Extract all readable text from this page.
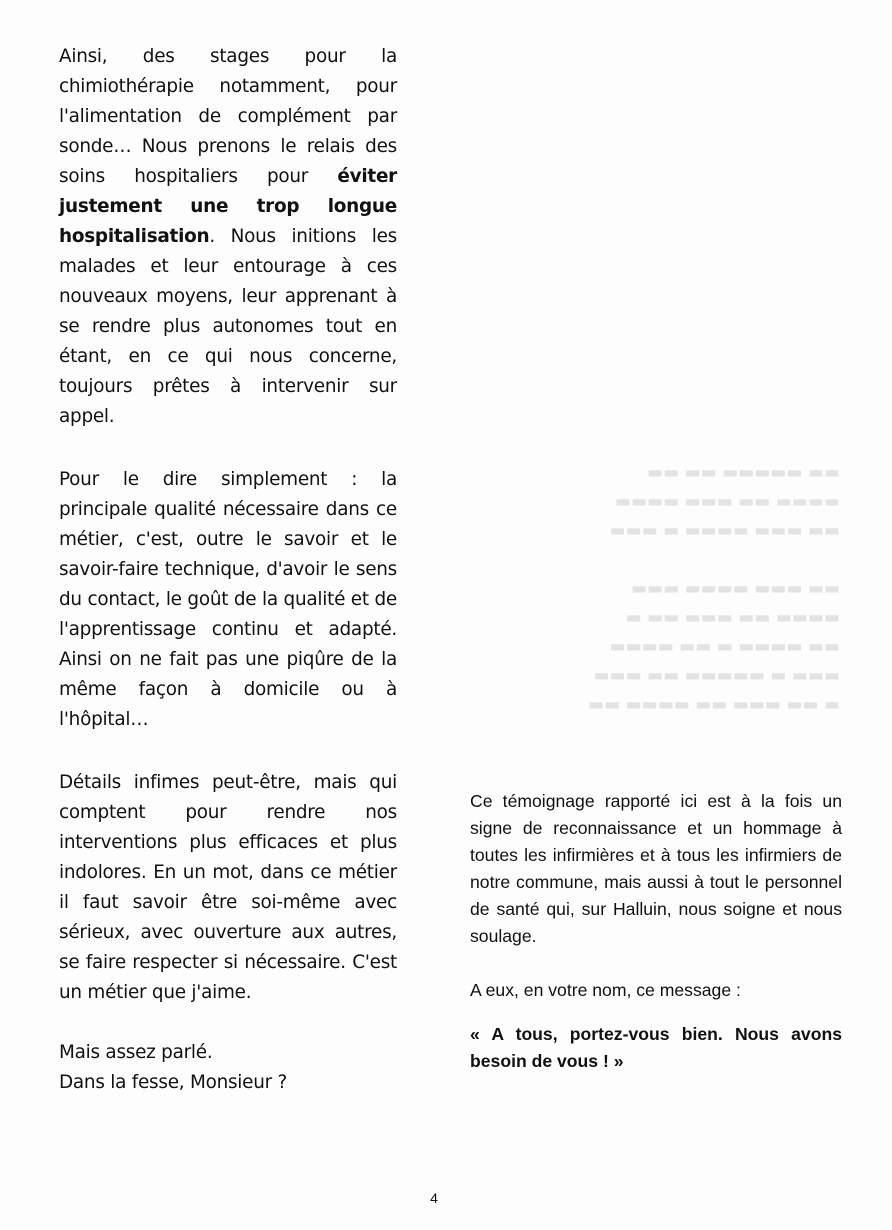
▬ ▬▬ ▬▬▬ ▬▬ ▬▬▬▬ ▬▬

▬▬▬ ▬ ▬▬▬▬▬ ▬▬ ▬▬▬

▬▬ ▬▬▬▬ ▬ ▬▬ ▬▬▬▬

▬▬▬▬ ▬▬ ▬▬▬ ▬▬ ▬

▬▬ ▬▬▬ ▬▬▬▬ ▬▬▬

▬▬ ▬▬▬ ▬▬▬▬ ▬ ▬▬▬

▬▬▬▬ ▬▬ ▬▬▬ ▬▬▬▬

▬▬ ▬▬▬▬▬ ▬▬ ▬▬

Ainsi, des stages pour la chimiothérapie notamment, pour l'alimentation de complément par sonde… Nous prenons le relais des soins hospitaliers pour éviter justement une trop longue hospitalisation. Nous initions les malades et leur entourage à ces nouveaux moyens, leur apprenant à se rendre plus autonomes tout en étant, en ce qui nous concerne, toujours prêtes à intervenir sur appel.

Pour le dire simplement : la principale qualité nécessaire dans ce métier, c'est, outre le savoir et le savoir-faire technique, d'avoir le sens du contact, le goût de la qualité et de l'apprentissage continu et adapté. Ainsi on ne fait pas une piqûre de la même façon à domicile ou à l'hôpital…

Détails infimes peut-être, mais qui comptent pour rendre nos interventions plus efficaces et plus indolores. En un mot, dans ce métier il faut savoir être soi-même avec sérieux, avec ouverture aux autres, se faire respecter si nécessaire. C'est un métier que j'aime.

Mais assez parlé.

Dans la fesse, Monsieur ?

Ce témoignage rapporté ici est à la fois un signe de reconnaissance et un hommage à toutes les infirmières et à tous les infirmiers de notre commune, mais aussi à tout le personnel de santé qui, sur Halluin, nous soigne et nous soulage.

A eux, en votre nom, ce message :

« A tous, portez-vous bien. Nous avons besoin de vous ! »

4
